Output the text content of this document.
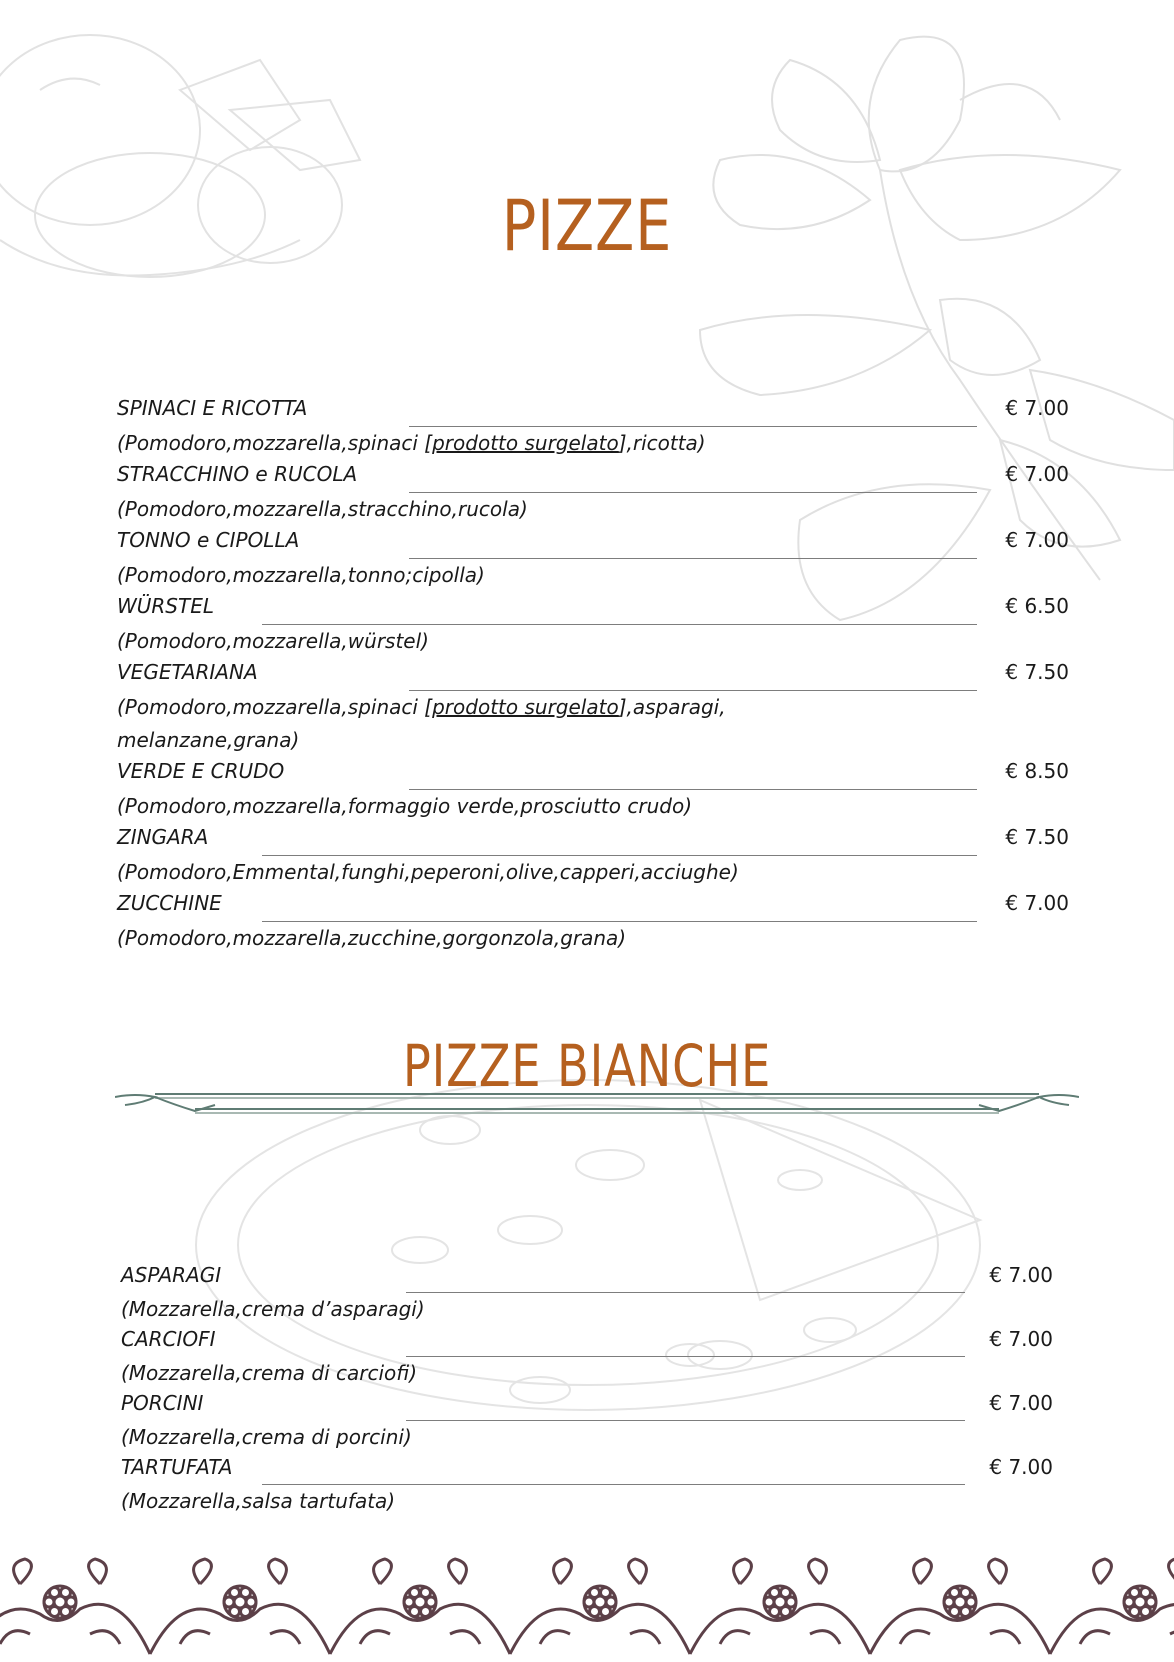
PIZZE
SPINACI E RICOTTA	€ 7.00
(Pomodoro,mozzarella,spinaci [prodotto surgelato],ricotta)
STRACCHINO e RUCOLA	€ 7.00
(Pomodoro,mozzarella,stracchino,rucola)
TONNO e CIPOLLA	€ 7.00
(Pomodoro,mozzarella,tonno;cipolla)
WÜRSTEL	€ 6.50
(Pomodoro,mozzarella,würstel)
VEGETARIANA	€ 7.50
(Pomodoro,mozzarella,spinaci [prodotto surgelato],asparagi,
melanzane,grana)
VERDE E CRUDO	€ 8.50
(Pomodoro,mozzarella,formaggio verde,prosciutto crudo)
ZINGARA	€ 7.50
(Pomodoro,Emmental,funghi,peperoni,olive,capperi,acciughe)
ZUCCHINE	€ 7.00
(Pomodoro,mozzarella,zucchine,gorgonzola,grana)
PIZZE BIANCHE
ASPARAGI	€ 7.00
(Mozzarella,crema d’asparagi)
CARCIOFI	€ 7.00
(Mozzarella,crema di carciofi)
PORCINI	€ 7.00
(Mozzarella,crema di porcini)
TARTUFATA	€ 7.00
(Mozzarella,salsa tartufata)
